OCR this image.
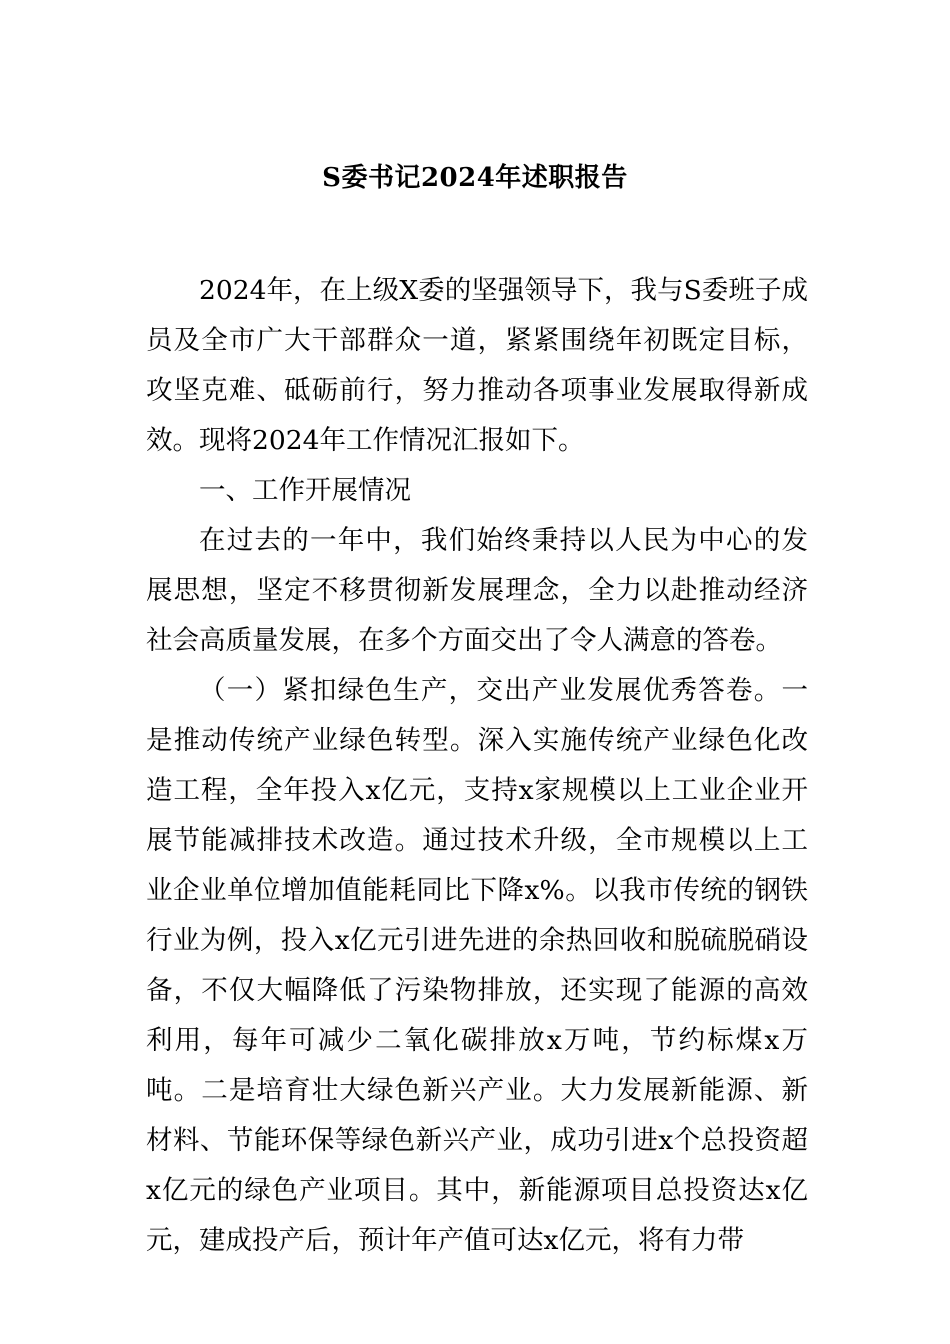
S委书记2024年述职报告

2024年，在上级X委的坚强领导下，我与S委班子成员及全市广大干部群众一道，紧紧围绕年初既定目标，攻坚克难、砥砺前行，努力推动各项事业发展取得新成效。现将2024年工作情况汇报如下。

一、工作开展情况

在过去的一年中，我们始终秉持以人民为中心的发展思想，坚定不移贯彻新发展理念，全力以赴推动经济社会高质量发展，在多个方面交出了令人满意的答卷。

（一）紧扣绿色生产，交出产业发展优秀答卷。一是推动传统产业绿色转型。深入实施传统产业绿色化改造工程，全年投入x亿元，支持x家规模以上工业企业开展节能减排技术改造。通过技术升级，全市规模以上工业企业单位增加值能耗同比下降x%。以我市传统的钢铁行业为例，投入x亿元引进先进的余热回收和脱硫脱硝设备，不仅大幅降低了污染物排放，还实现了能源的高效利用，每年可减少二氧化碳排放x万吨，节约标煤x万吨。二是培育壮大绿色新兴产业。大力发展新能源、新材料、节能环保等绿色新兴产业，成功引进x个总投资超x亿元的绿色产业项目。其中，新能源项目总投资达x亿元，建成投产后，预计年产值可达x亿元，将有力带
